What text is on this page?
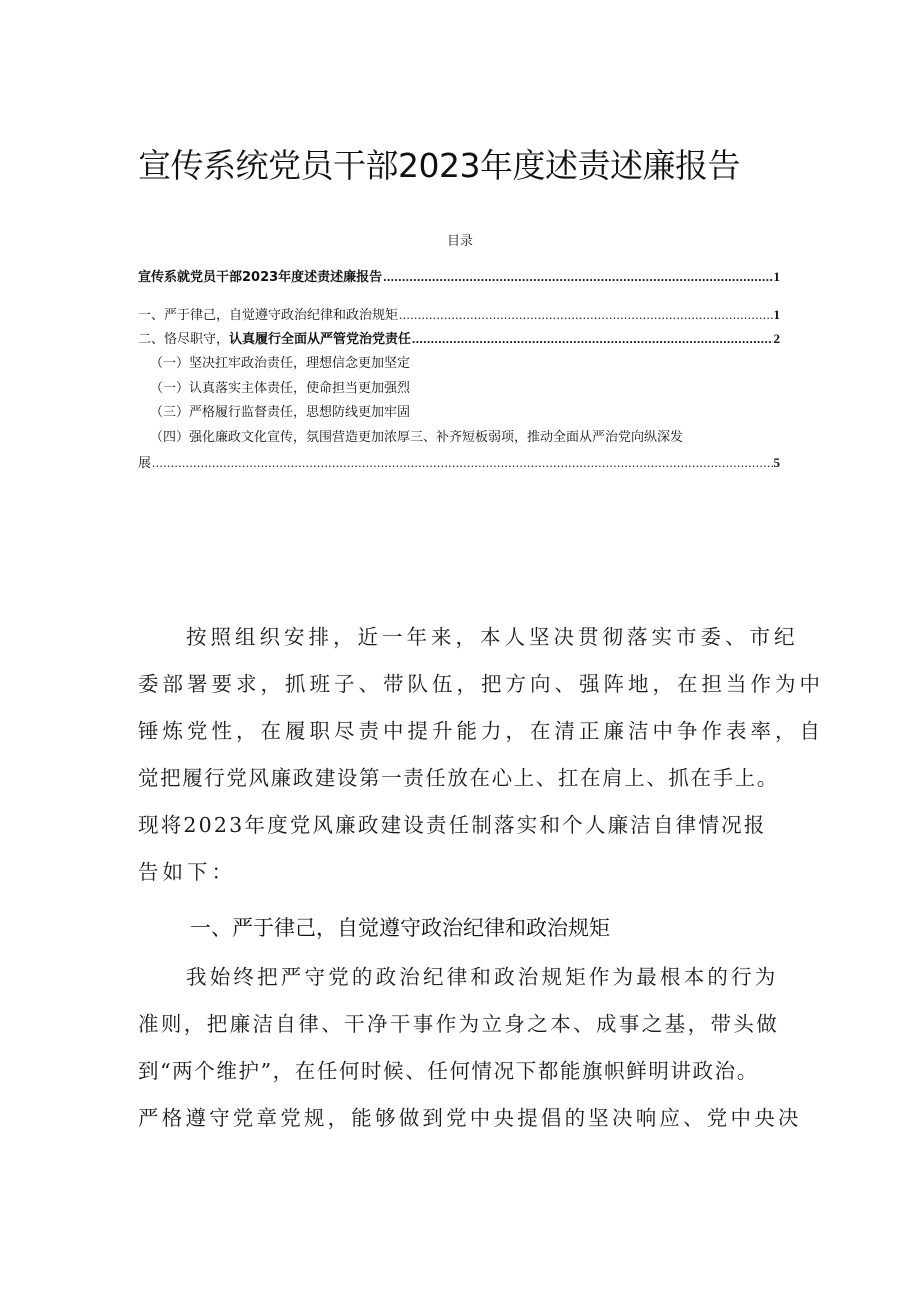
宣传系统党员干部2023年度述责述廉报告
目录
宣传系就党员干部2023年度述责述廉报告 .....	1
一、严于律己，自觉遵守政治纪律和政治规矩 .....	1
二、恪尽职守，认真履行全面从严管党治党责任 .....	2
（一）坚决扛牢政治责任，理想信念更加坚定
（一）认真落实主体责任，使命担当更加强烈
（三）严格履行监督责任，思想防线更加牢固
（四）强化廉政文化宣传，氛围营造更加浓厚三、补齐短板弱项，推动全面从严治党向纵深发
展 .....	5
按照组织安排，近一年来，本人坚决贯彻落实市委、市纪
委部署要求，抓班子、带队伍，把方向、强阵地，在担当作为中
锤炼党性，在履职尽责中提升能力，在清正廉洁中争作表率，自
觉把履行党风廉政建设第一责任放在心上、扛在肩上、抓在手上。
现将2023年度党风廉政建设责任制落实和个人廉洁自律情况报
告如下：
一、严于律己，自觉遵守政治纪律和政治规矩
我始终把严守党的政治纪律和政治规矩作为最根本的行为
准则，把廉洁自律、干净干事作为立身之本、成事之基，带头做
到“两个维护”，在任何时候、任何情况下都能旗帜鲜明讲政治。
严格遵守党章党规，能够做到党中央提倡的坚决响应、党中央决
